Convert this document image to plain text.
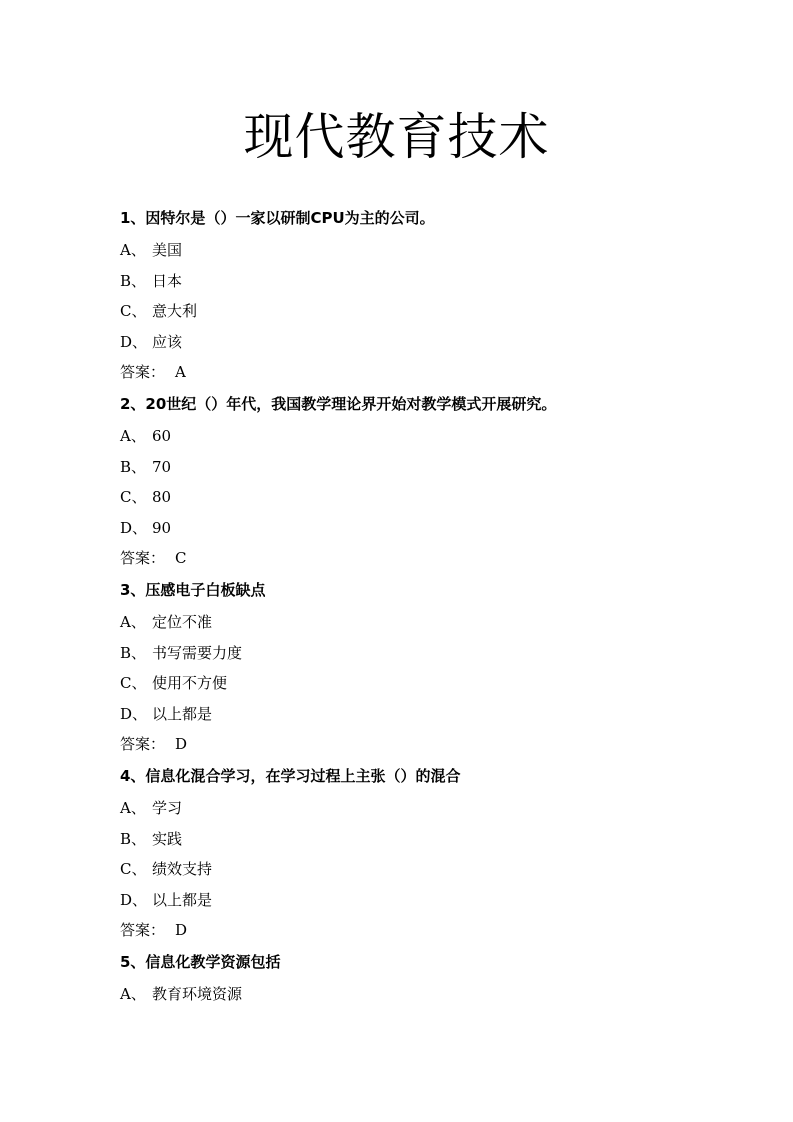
现代教育技术
1、因特尔是（）一家以研制CPU为主的公司。
A、 美国
B、 日本
C、 意大利
D、 应该
答案： A
2、20世纪（）年代，我国教学理论界开始对教学模式开展研究。
A、 60
B、 70
C、 80
D、 90
答案： C
3、压感电子白板缺点
A、 定位不准
B、 书写需要力度
C、 使用不方便
D、 以上都是
答案： D
4、信息化混合学习，在学习过程上主张（）的混合
A、 学习
B、 实践
C、 绩效支持
D、 以上都是
答案： D
5、信息化教学资源包括
A、 教育环境资源
